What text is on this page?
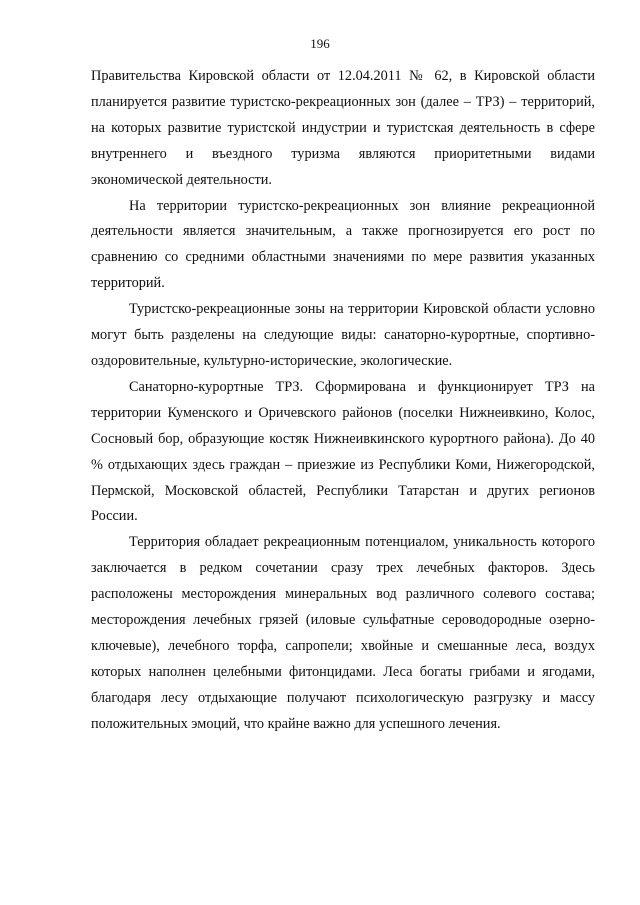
196

Правительства Кировской области от 12.04.2011 № 62, в Кировской области планируется развитие туристско-рекреационных зон (далее – ТРЗ) – территорий, на которых развитие туристской индустрии и туристская деятельность в сфере внутреннего и въездного туризма являются приоритетными видами экономической деятельности.

На территории туристско-рекреационных зон влияние рекреационной деятельности является значительным, а также прогнозируется его рост по сравнению со средними областными значениями по мере развития указанных территорий.

Туристско-рекреационные зоны на территории Кировской области условно могут быть разделены на следующие виды: санаторно-курортные, спортивно-оздоровительные, культурно-исторические, экологические.

Санаторно-курортные ТРЗ. Сформирована и функционирует ТРЗ на территории Куменского и Оричевского районов (поселки Нижнеивкино, Колос, Сосновый бор, образующие костяк Нижнеивкинского курортного района). До 40 % отдыхающих здесь граждан – приезжие из Республики Коми, Нижегородской, Пермской, Московской областей, Республики Татарстан и других регионов России.

Территория обладает рекреационным потенциалом, уникальность которого заключается в редком сочетании сразу трех лечебных факторов. Здесь расположены месторождения минеральных вод различного солевого состава; месторождения лечебных грязей (иловые сульфатные сероводородные озерно-ключевые), лечебного торфа, сапропели; хвойные и смешанные леса, воздух которых наполнен целебными фитонцидами. Леса богаты грибами и ягодами, благодаря лесу отдыхающие получают психологическую разгрузку и массу положительных эмоций, что крайне важно для успешного лечения.
